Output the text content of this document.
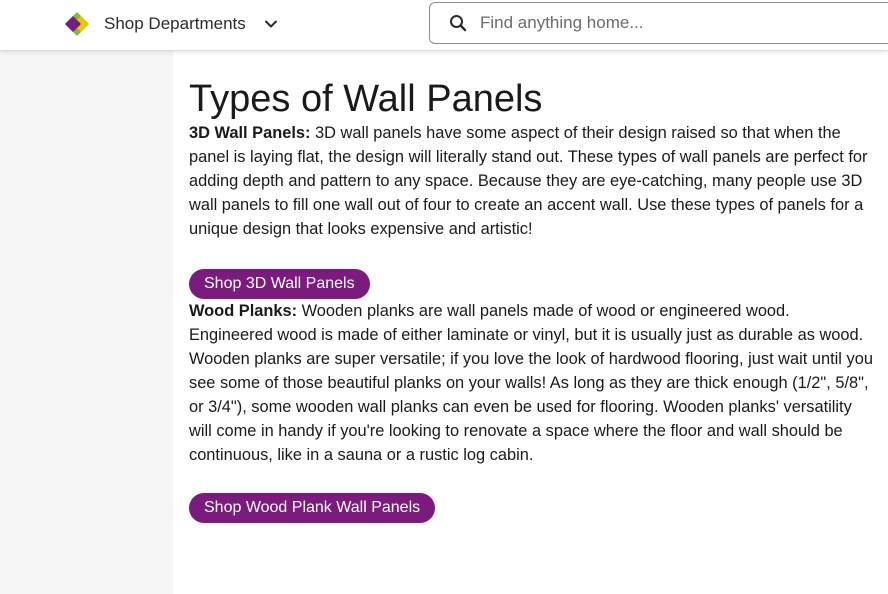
Shop Departments
Find anything home...
Types of Wall Panels

3D Wall Panels: 3D wall panels have some aspect of their design raised so that when the panel is laying flat, the design will literally stand out. These types of wall panels are perfect for adding depth and pattern to any space. Because they are eye-catching, many people use 3D wall panels to fill one wall out of four to create an accent wall. Use these types of panels for a unique design that looks expensive and artistic!

Shop 3D Wall Panels

Wood Planks: Wooden planks are wall panels made of wood or engineered wood. Engineered wood is made of either laminate or vinyl, but it is usually just as durable as wood. Wooden planks are super versatile; if you love the look of hardwood flooring, just wait until you see some of those beautiful planks on your walls! As long as they are thick enough (1/2", 5/8", or 3/4"), some wooden wall planks can even be used for flooring. Wooden planks' versatility will come in handy if you're looking to renovate a space where the floor and wall should be continuous, like in a sauna or a rustic log cabin.

Shop Wood Plank Wall Panels
